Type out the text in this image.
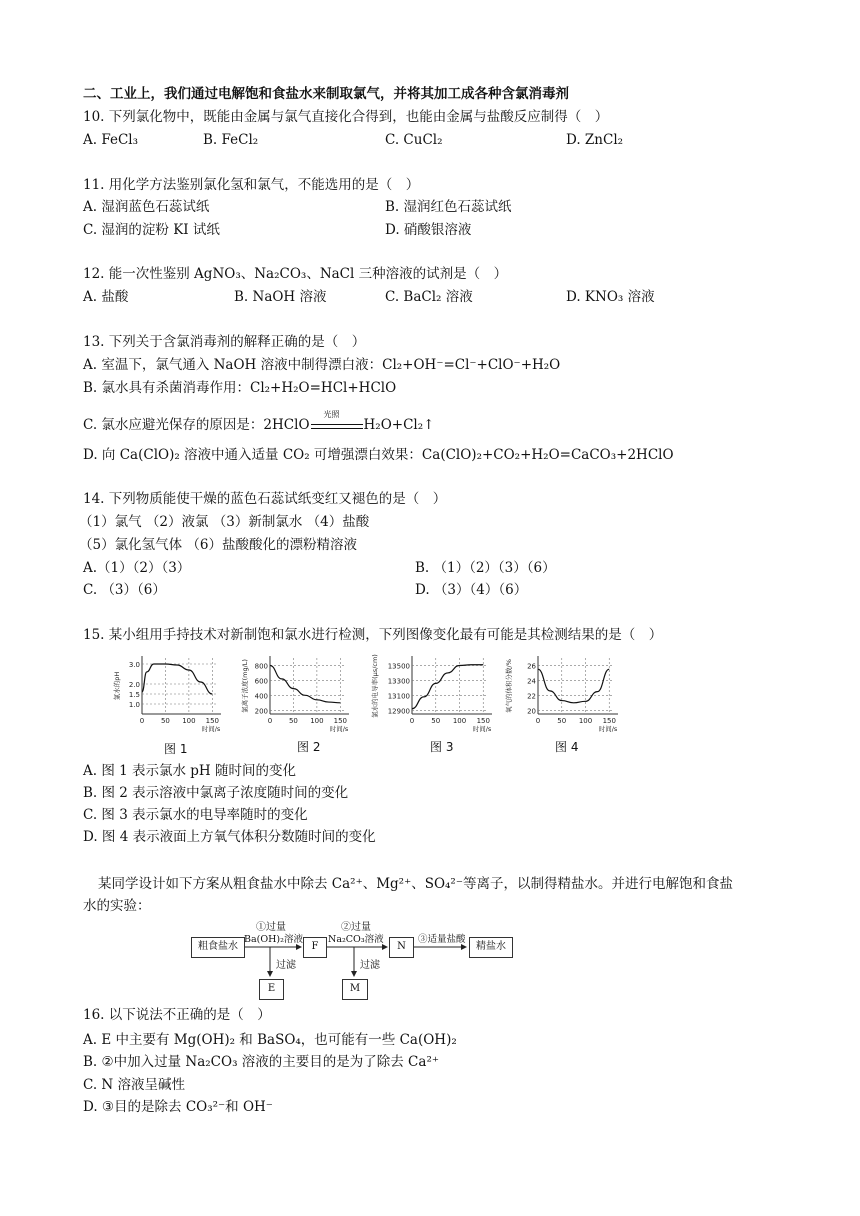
二、工业上，我们通过电解饱和食盐水来制取氯气，并将其加工成各种含氯消毒剂
10. 下列氯化物中，既能由金属与氯气直接化合得到，也能由金属与盐酸反应制得（　）
A. FeCl₃	B. FeCl₂	C. CuCl₂	D. ZnCl₂
11. 用化学方法鉴别氯化氢和氯气，不能选用的是（　）
A. 湿润蓝色石蕊试纸	B. 湿润红色石蕊试纸
C. 湿润的淀粉 KI 试纸	D. 硝酸银溶液
12. 能一次性鉴别 AgNO₃、Na₂CO₃、NaCl 三种溶液的试剂是（　）
A. 盐酸	B. NaOH 溶液	C. BaCl₂ 溶液	D. KNO₃ 溶液
13. 下列关于含氯消毒剂的解释正确的是（　）
A. 室温下，氯气通入 NaOH 溶液中制得漂白液：Cl₂+OH⁻=Cl⁻+ClO⁻+H₂O
B. 氯水具有杀菌消毒作用：Cl₂+H₂O=HCl+HClO
C. 氯水应避光保存的原因是：2HClO
光照
H₂O+Cl₂↑
D. 向 Ca(ClO)₂ 溶液中通入适量 CO₂ 可增强漂白效果：Ca(ClO)₂+CO₂+H₂O=CaCO₃+2HClO
14. 下列物质能使干燥的蓝色石蕊试纸变红又褪色的是（　）
（1）氯气 （2）液氯 （3）新制氯水 （4）盐酸
（5）氯化氢气体 （6）盐酸酸化的漂粉精溶液
A.（1）（2）（3）	B. （1）（2）（3）（6）
C. （3）（6）	D. （3）（4）（6）
15. 某小组用手持技术对新制饱和氯水进行检测，下列图像变化最有可能是其检测结果的是（　）
3.0
2.0
1.5
1.0
0 50 100 150
时间/s
氯水的pH
800
600
400
200
0 50 100 150
时间/s
氯离子浓度(mg/L)	13500
13300
13100
12900
0 50 100 150
时间/s
氯水的电导率(μs/cm)	26
24
22
20
0 50 100 150
时间/s
氧气的体积分数/%
图 1	图 2	图 3	图 4
A. 图 1 表示氯水 pH 随时间的变化
B. 图 2 表示溶液中氯离子浓度随时间的变化
C. 图 3 表示氯水的电导率随时的变化
D. 图 4 表示液面上方氧气体积分数随时间的变化
某同学设计如下方案从粗食盐水中除去 Ca²⁺、Mg²⁺、SO₄²⁻等离子，以制得精盐水。并进行电解饱和食盐
水的实验：
粗食盐水	F	N	精盐水
E	M
①过量
Ba(OH)₂溶液
②过量
Na₂CO₃溶液	③适量盐酸
过滤	过滤
16. 以下说法不正确的是（　）
A. E 中主要有 Mg(OH)₂ 和 BaSO₄，也可能有一些 Ca(OH)₂
B. ②中加入过量 Na₂CO₃ 溶液的主要目的是为了除去 Ca²⁺
C. N 溶液呈碱性
D. ③目的是除去 CO₃²⁻和 OH⁻
